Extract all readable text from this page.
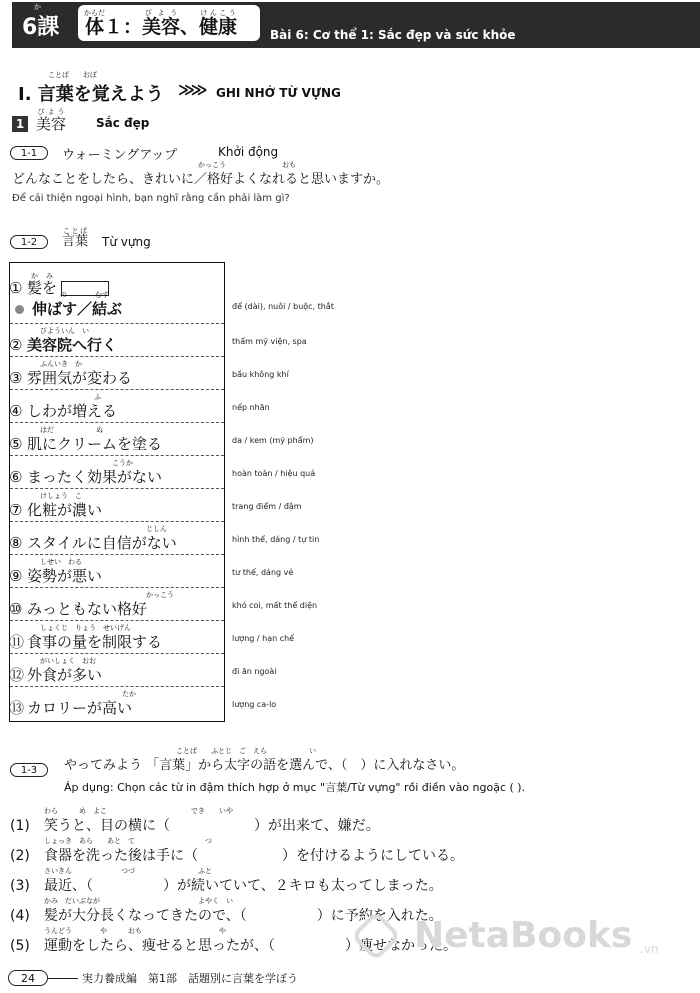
6課 体からだ１：美容びよう、健康けんこう
Bài 6: Cơ thể 1: Sắc đẹp và sức khỏe
か
Ⅰ. 言葉を覚えよう
ことば　　おぼ
≫≫ GHI NHỚ TỪ VỰNG
1 美容びよう
Sắc đẹp
1-1	ウォーミングアップ	Khởi động
かっこう　　　　　　　　おも
どんなことをしたら、きれいに／格好よくなれると思いますか。
Để cải thiện ngoại hình, bạn nghĩ rằng cần phải làm gì?
1-2	言葉ことば
Từ vựng
① 髪をかみ
伸ばす／結ぶ
の　　　　むす
để (dài), nuôi / buộc, thắt
② 美容院へ行く
びよういん　い
thẩm mỹ viện, spa
③ 雰囲気が変わる
ふんいき　か
bầu không khí
④ しわが増える
ふ
nếp nhăn
⑤ 肌にクリームを塗る
はだ　　　　　　ぬ
da / kem (mỹ phẩm)
⑥ まったく効果がない
こうか
hoàn toàn / hiệu quả
⑦ 化粧が濃い
けしょう　こ
trang điểm / đậm
⑧ スタイルに自信がない
じしん
hình thể, dáng / tự tin
⑨ 姿勢が悪い
しせい　わる
tư thế, dáng vẻ
⑩ みっともない格好
かっこう
khó coi, mất thể diện
⑪ 食事の量を制限する
しょくじ　りょう　せいげん
lượng / hạn chế
⑫ 外食が多い
がいしょく　おお
đi ăn ngoài
⑬ カロリーが高い
たか
lượng ca-lo
1-3
ことば　　ふとじ　ご　えら　　　　　　い
やってみよう 「言葉」から太字の語を選んで、（　）に入れなさい。
Áp dụng: Chọn các từ in đậm thích hợp ở mục "言葉/Từ vựng" rồi điền vào ngoặc ( ).
(1) 笑うと、目の横に（　　　　　　）が出来て、嫌だ。
わら　　　め　よこ　　　　　　　　　　　　でき　　いや
(2) 食器を洗った後は手に（　　　　　　）を付けるようにしている。
しょっき　あら　　あと　て　　　　　　　　　　つ
(3) 最近、（　　　　　）が続いていて、２キロも太ってしまった。
さいきん　　　　　　　つづ　　　　　　　　　ふと
(4) 髪が大分長くなってきたので、（　　　　　）に予約を入れた。
かみ　だいぶなが　　　　　　　　　　　　　　よやく　い
(5) 運動をしたら、痩せると思ったが、（　　　　　）痩せなかった。
うんどう　　　　や　　　おも　　　　　　　　　　　や	NetaBooks .vn
24	実力養成編　第1部　話題別に言葉を学ぼう
